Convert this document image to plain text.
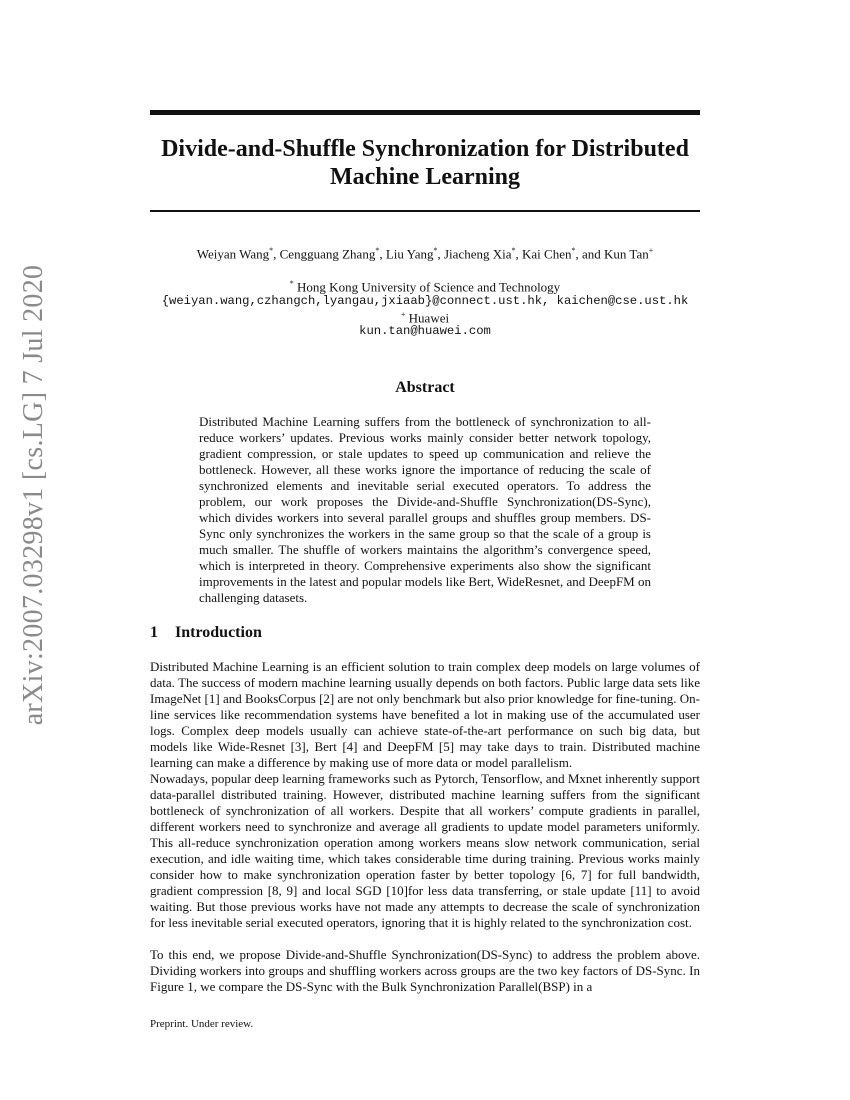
arXiv:2007.03298v1 [cs.LG] 7 Jul 2020
Divide-and-Shuffle Synchronization for Distributed Machine Learning
Weiyan Wang*, Cengguang Zhang*, Liu Yang*, Jiacheng Xia*, Kai Chen*, and Kun Tan+
* Hong Kong University of Science and Technology
{weiyan.wang,czhangch,lyangau,jxiaab}@connect.ust.hk, kaichen@cse.ust.hk
+ Huawei
kun.tan@huawei.com
Abstract

Distributed Machine Learning suffers from the bottleneck of synchronization to all-reduce workers’ updates. Previous works mainly consider better network topology, gradient compression, or stale updates to speed up communication and relieve the bottleneck. However, all these works ignore the importance of reducing the scale of synchronized elements and inevitable serial executed operators. To address the problem, our work proposes the Divide-and-Shuffle Synchronization(DS-Sync), which divides workers into several parallel groups and shuffles group members. DS-Sync only synchronizes the workers in the same group so that the scale of a group is much smaller. The shuffle of workers maintains the algorithm’s convergence speed, which is interpreted in theory. Comprehensive experiments also show the significant improvements in the latest and popular models like Bert, WideResnet, and DeepFM on challenging datasets.

1 Introduction

Distributed Machine Learning is an efficient solution to train complex deep models on large volumes of data. The success of modern machine learning usually depends on both factors. Public large data sets like ImageNet [1] and BooksCorpus [2] are not only benchmark but also prior knowledge for fine-tuning. On-line services like recommendation systems have benefited a lot in making use of the accumulated user logs. Complex deep models usually can achieve state-of-the-art performance on such big data, but models like Wide-Resnet [3], Bert [4] and DeepFM [5] may take days to train. Distributed machine learning can make a difference by making use of more data or model parallelism.

Nowadays, popular deep learning frameworks such as Pytorch, Tensorflow, and Mxnet inherently support data-parallel distributed training. However, distributed machine learning suffers from the significant bottleneck of synchronization of all workers. Despite that all workers’ compute gradients in parallel, different workers need to synchronize and average all gradients to update model parameters uniformly. This all-reduce synchronization operation among workers means slow network communication, serial execution, and idle waiting time, which takes considerable time during training. Previous works mainly consider how to make synchronization operation faster by better topology [6, 7] for full bandwidth, gradient compression [8, 9] and local SGD [10]for less data transferring, or stale update [11] to avoid waiting. But those previous works have not made any attempts to decrease the scale of synchronization for less inevitable serial executed operators, ignoring that it is highly related to the synchronization cost.

To this end, we propose Divide-and-Shuffle Synchronization(DS-Sync) to address the problem above. Dividing workers into groups and shuffling workers across groups are the two key factors of DS-Sync. In Figure 1, we compare the DS-Sync with the Bulk Synchronization Parallel(BSP) in a

Preprint. Under review.
